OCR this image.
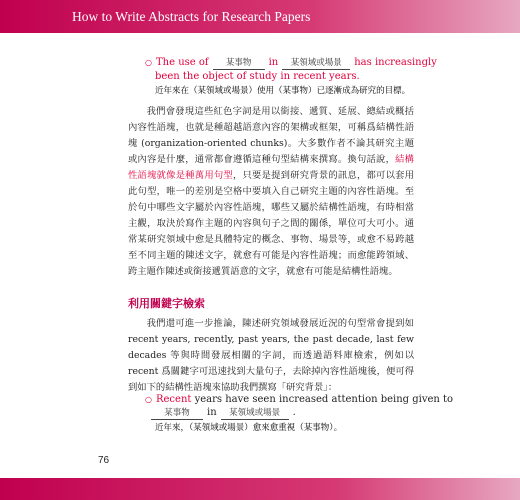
How to Write Abstracts for Research Papers
○ The use of 某事物 in 某領域或場景 has increasingly
been the object of study in recent years.
近年來在（某領域或場景）使用（某事物）已逐漸成為研究的目標。
我們會發現這些紅色字詞是用以銜接、遞質、延展、總結或概括內容性語塊，也就是種超越語意內容的架構或框架，可稱爲結構性語塊 (organization-oriented chunks)。大多數作者不論其研究主題或內容是什麼，通常都會遵循這種句型結構來撰寫。換句話說，結構性語塊就像是種萬用句型，只要是提到研究背景的訊息，都可以套用此句型，唯一的差別是空格中要填入自己研究主題的內容性語塊。至於句中哪些文字屬於內容性語塊，哪些又屬於結構性語塊，有時相當主觀，取決於寫作主題的內容與句子之間的關係，單位可大可小。通常某研究領域中愈是具體特定的概念、事物、場景等，或愈不易跨越至不同主題的陳述文字，就愈有可能是內容性語塊；而愈能跨領域、跨主題作陳述或銜接遞質語意的文字，就愈有可能是結構性語塊。
利用關鍵字檢索
我們還可進一步推論，陳述研究領域發展近況的句型常會提到如 recent years, recently, past years, the past decade, last few decades 等與時間發展相關的字詞，而透過語料庫檢索，例如以 recent 爲關鍵字可迅速找到大量句子，去除掉內容性語塊後，便可得到如下的結構性語塊來協助我們撰寫「研究背景」：
○ Recent years have seen increased attention being given to
某事物 in 某領域或場景 .
近年來，（某領域或場景）愈來愈重視（某事物）。
76
